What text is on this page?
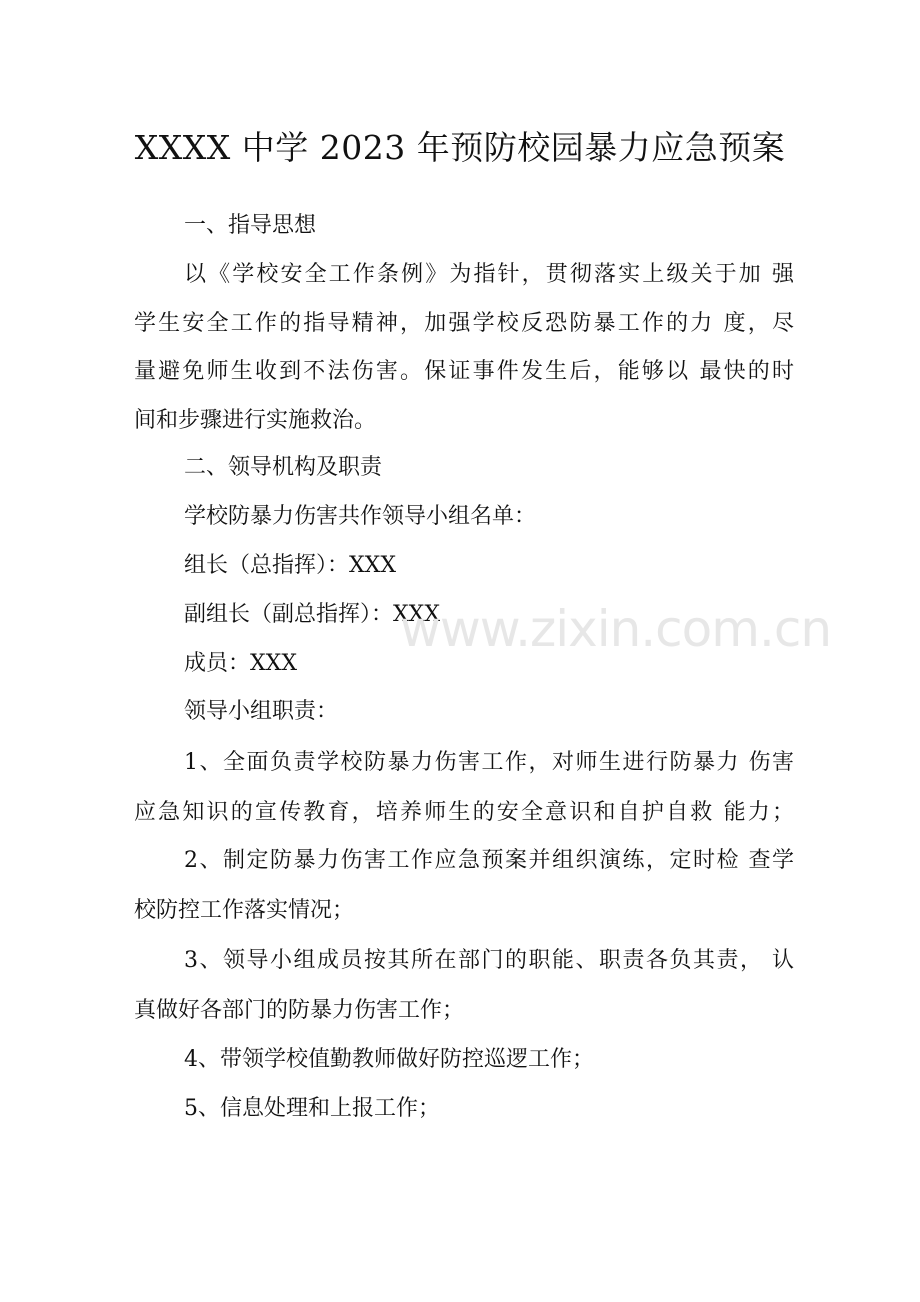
XXXX 中学 2023 年预防校园暴力应急预案
一、指导思想
以《学校安全工作条例》为指针，贯彻落实上级关于加 强
学生安全工作的指导精神，加强学校反恐防暴工作的力 度，尽
量避免师生收到不法伤害。保证事件发生后，能够以 最快的时
间和步骤进行实施救治。
二、领导机构及职责
学校防暴力伤害共作领导小组名单：
组长（总指挥）：XXX
副组长（副总指挥）：XXX
成员：XXX
领导小组职责：
1、全面负责学校防暴力伤害工作，对师生进行防暴力 伤害
应急知识的宣传教育，培养师生的安全意识和自护自救 能力；
2、制定防暴力伤害工作应急预案并组织演练，定时检 查学
校防控工作落实情况；
3、领导小组成员按其所在部门的职能、职责各负其责， 认
真做好各部门的防暴力伤害工作；
4、带领学校值勤教师做好防控巡逻工作；
5、信息处理和上报工作；
www.zixin.com.cn
